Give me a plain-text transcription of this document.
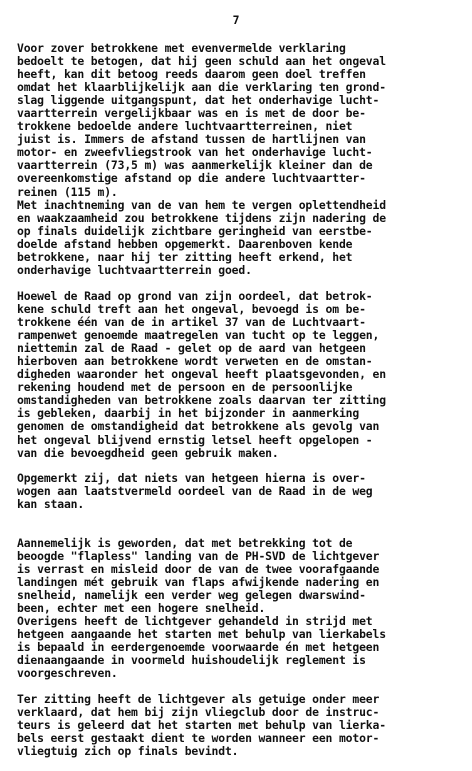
7
Voor zover betrokkene met evenvermelde verklaring
bedoelt te betogen, dat hij geen schuld aan het ongeval
heeft, kan dit betoog reeds daarom geen doel treffen
omdat het klaarblijkelijk aan die verklaring ten grond-
slag liggende uitgangspunt, dat het onderhavige lucht-
vaartterrein vergelijkbaar was en is met de door be-
trokkene bedoelde andere luchtvaartterreinen, niet
juist is. Immers de afstand tussen de hartlijnen van
motor- en zweefvliegstrook van het onderhavige lucht-
vaartterrein (73,5 m) was aanmerkelijk kleiner dan de
overeenkomstige afstand op die andere luchtvaartter-
reinen (115 m).
Met inachtneming van de van hem te vergen oplettendheid
en waakzaamheid zou betrokkene tijdens zijn nadering de
op finals duidelijk zichtbare geringheid van eerstbe-
doelde afstand hebben opgemerkt. Daarenboven kende
betrokkene, naar hij ter zitting heeft erkend, het
onderhavige luchtvaartterrein goed.
Hoewel de Raad op grond van zijn oordeel, dat betrok-
kene schuld treft aan het ongeval, bevoegd is om be-
trokkene één van de in artikel 37 van de Luchtvaart-
rampenwet genoemde maatregelen van tucht op te leggen,
niettemin zal de Raad - gelet op de aard van hetgeen
hierboven aan betrokkene wordt verweten en de omstan-
digheden waaronder het ongeval heeft plaatsgevonden, en
rekening houdend met de persoon en de persoonlijke
omstandigheden van betrokkene zoals daarvan ter zitting
is gebleken, daarbij in het bijzonder in aanmerking
genomen de omstandigheid dat betrokkene als gevolg van
het ongeval blijvend ernstig letsel heeft opgelopen -
van die bevoegdheid geen gebruik maken.
Opgemerkt zij, dat niets van hetgeen hierna is over-
wogen aan laatstvermeld oordeel van de Raad in de weg
kan staan.
Aannemelijk is geworden, dat met betrekking tot de
beoogde "flapless" landing van de PH-SVD de lichtgever
is verrast en misleid door de van de twee voorafgaande
landingen mét gebruik van flaps afwijkende nadering en
snelheid, namelijk een verder weg gelegen dwarswind-
been, echter met een hogere snelheid.
Overigens heeft de lichtgever gehandeld in strijd met
hetgeen aangaande het starten met behulp van lierkabels
is bepaald in eerdergenoemde voorwaarde én met hetgeen
dienaangaande in voormeld huishoudelijk reglement is
voorgeschreven.
Ter zitting heeft de lichtgever als getuige onder meer
verklaard, dat hem bij zijn vliegclub door de instruc-
teurs is geleerd dat het starten met behulp van lierka-
bels eerst gestaakt dient te worden wanneer een motor-
vliegtuig zich op finals bevindt.
